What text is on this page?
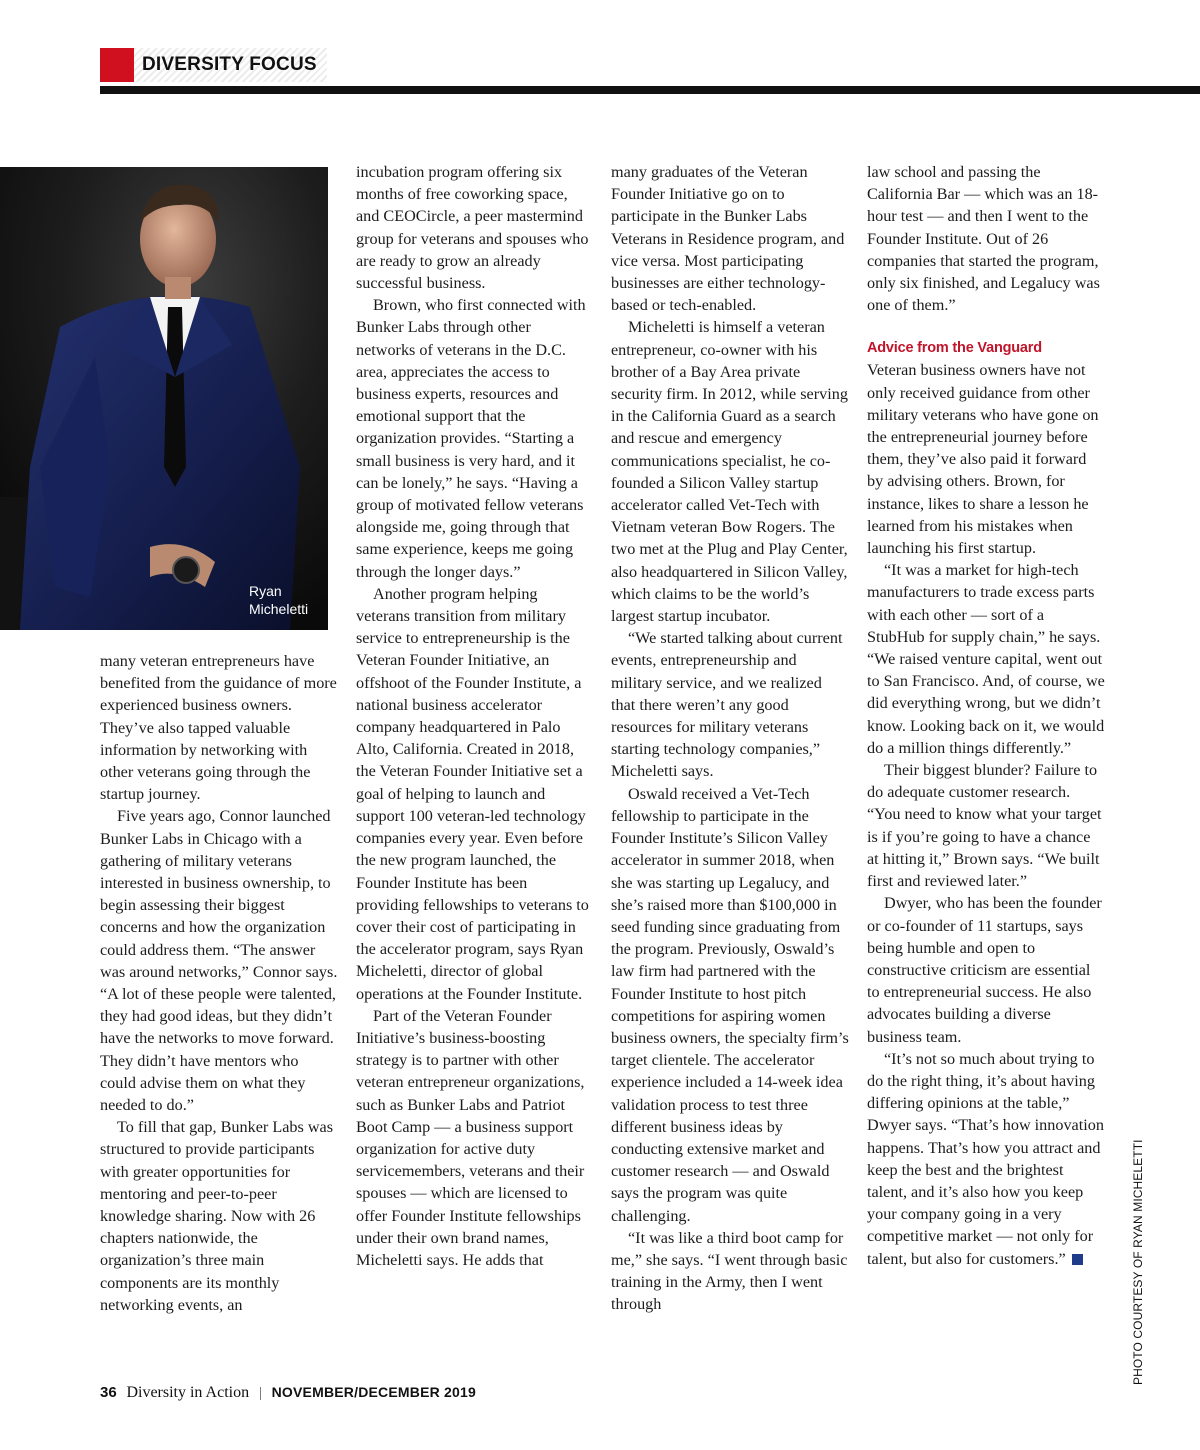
DIVERSITY FOCUS
Ryan
Micheletti

many veteran entrepreneurs have benefited from the guidance of more experienced business owners. They’ve also tapped valuable information by networking with other veterans going through the startup journey.

Five years ago, Connor launched Bunker Labs in Chicago with a gathering of military veterans interested in business ownership, to begin assessing their biggest concerns and how the organization could address them. “The answer was around networks,” Connor says. “A lot of these people were talented, they had good ideas, but they didn’t have the networks to move forward. They didn’t have mentors who could advise them on what they needed to do.”

To fill that gap, Bunker Labs was structured to provide participants with greater opportunities for mentoring and peer-to-peer knowledge sharing. Now with 26 chapters nationwide, the organization’s three main components are its monthly networking events, an

incubation program offering six months of free coworking space, and CEOCircle, a peer mastermind group for veterans and spouses who are ready to grow an already successful business.

Brown, who first connected with Bunker Labs through other networks of veterans in the D.C. area, appreciates the access to business experts, resources and emotional support that the organization provides. “Starting a small business is very hard, and it can be lonely,” he says. “Having a group of motivated fellow veterans alongside me, going through that same experience, keeps me going through the longer days.”

Another program helping veterans transition from military service to entrepreneurship is the Veteran Founder Initiative, an offshoot of the Founder Institute, a national business accelerator company headquartered in Palo Alto, California. Created in 2018, the Veteran Founder Initiative set a goal of helping to launch and support 100 veteran-led technology companies every year. Even before the new program launched, the Founder Institute has been providing fellowships to veterans to cover their cost of participating in the accelerator program, says Ryan Micheletti, director of global operations at the Founder Institute.

Part of the Veteran Founder Initiative’s business-boosting strategy is to partner with other veteran entrepreneur organizations, such as Bunker Labs and Patriot Boot Camp — a business support organization for active duty servicemembers, veterans and their spouses — which are licensed to offer Founder Institute fellowships under their own brand names, Micheletti says. He adds that

many graduates of the Veteran Founder Initiative go on to participate in the Bunker Labs Veterans in Residence program, and vice versa. Most participating businesses are either technology-based or tech-enabled.

Micheletti is himself a veteran entrepreneur, co-owner with his brother of a Bay Area private security firm. In 2012, while serving in the California Guard as a search and rescue and emergency communications specialist, he co-founded a Silicon Valley startup accelerator called Vet-Tech with Vietnam veteran Bow Rogers. The two met at the Plug and Play Center, also headquartered in Silicon Valley, which claims to be the world’s largest startup incubator.

“We started talking about current events, entrepreneurship and military service, and we realized that there weren’t any good resources for military veterans starting technology companies,” Micheletti says.

Oswald received a Vet-Tech fellowship to participate in the Founder Institute’s Silicon Valley accelerator in summer 2018, when she was starting up Legalucy, and she’s raised more than $100,000 in seed funding since graduating from the program. Previously, Oswald’s law firm had partnered with the Founder Institute to host pitch competitions for aspiring women business owners, the specialty firm’s target clientele. The accelerator experience included a 14-week idea validation process to test three different business ideas by conducting extensive market and customer research — and Oswald says the program was quite challenging.

“It was like a third boot camp for me,” she says. “I went through basic training in the Army, then I went through

law school and passing the California Bar — which was an 18-hour test — and then I went to the Founder Institute. Out of 26 companies that started the program, only six finished, and Legalucy was one of them.”

Advice from the Vanguard

Veteran business owners have not only received guidance from other military veterans who have gone on the entrepreneurial journey before them, they’ve also paid it forward by advising others. Brown, for instance, likes to share a lesson he learned from his mistakes when launching his first startup.

“It was a market for high-tech manufacturers to trade excess parts with each other — sort of a StubHub for supply chain,” he says. “We raised venture capital, went out to San Francisco. And, of course, we did everything wrong, but we didn’t know. Looking back on it, we would do a million things differently.”

Their biggest blunder? Failure to do adequate customer research. “You need to know what your target is if you’re going to have a chance at hitting it,” Brown says. “We built first and reviewed later.”

Dwyer, who has been the founder or co-founder of 11 startups, says being humble and open to constructive criticism are essential to entrepreneurial success. He also advocates building a diverse business team.

“It’s not so much about trying to do the right thing, it’s about having differing opinions at the table,” Dwyer says. “That’s how innovation happens. That’s how you attract and keep the best and the brightest talent, and it’s also how you keep your company going in a very competitive market — not only for talent, but also for customers.”	PHOTO COURTESY OF RYAN MICHELETTI
36 Diversity in Action | NOVEMBER/DECEMBER 2019
